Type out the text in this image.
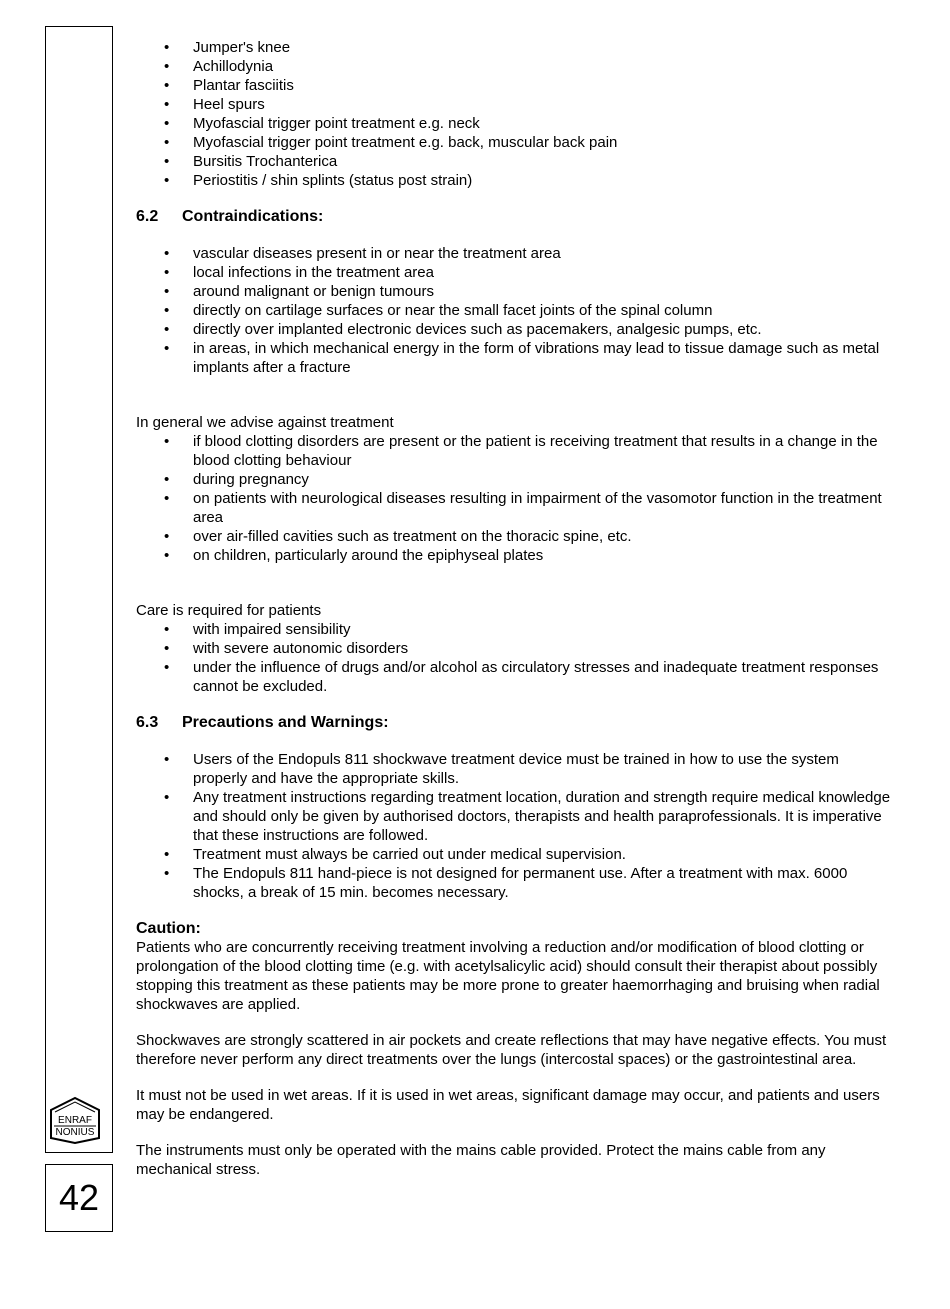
ENRAF
NONIUS
42
• Jumper's knee
• Achillodynia
• Plantar fasciitis
• Heel spurs
• Myofascial trigger point treatment e.g. neck
• Myofascial trigger point treatment e.g. back, muscular back pain
• Bursitis Trochanterica
• Periostitis / shin splints (status post strain)
6.2 Contraindications:
• vascular diseases present in or near the treatment area
• local infections in the treatment area
• around malignant or benign tumours
• directly on cartilage surfaces or near the small facet joints of the spinal column
• directly over implanted electronic devices such as pacemakers, analgesic pumps, etc.
• in areas, in which mechanical energy in the form of vibrations may lead to tissue damage such as metal implants after a fracture

In general we advise against treatment

• if blood clotting disorders are present or the patient is receiving treatment that results in a change in the blood clotting behaviour
• during pregnancy
• on patients with neurological diseases resulting in impairment of the vasomotor function in the treatment area
• over air-filled cavities such as treatment on the thoracic spine, etc.
• on children, particularly around the epiphyseal plates

Care is required for patients

• with impaired sensibility
• with severe autonomic disorders
• under the influence of drugs and/or alcohol as circulatory stresses and inadequate treatment responses cannot be excluded.
6.3 Precautions and Warnings:
• Users of the Endopuls 811 shockwave treatment device must be trained in how to use the system properly and have the appropriate skills.
• Any treatment instructions regarding treatment location, duration and strength require medical knowledge and should only be given by authorised doctors, therapists and health paraprofessionals. It is imperative that these instructions are followed.
• Treatment must always be carried out under medical supervision.
• The Endopuls 811 hand-piece is not designed for permanent use. After a treatment with max. 6000 shocks, a break of 15 min. becomes necessary.
Caution:

Patients who are concurrently receiving treatment involving a reduction and/or modification of blood clotting or prolongation of the blood clotting time (e.g. with acetylsalicylic acid) should consult their therapist about possibly stopping this treatment as these patients may be more prone to greater haemorrhaging and bruising when radial shockwaves are applied.

Shockwaves are strongly scattered in air pockets and create reflections that may have negative effects. You must therefore never perform any direct treatments over the lungs (intercostal spaces) or the gastrointestinal area.

It must not be used in wet areas. If it is used in wet areas, significant damage may occur, and patients and users may be endangered.

The instruments must only be operated with the mains cable provided. Protect the mains cable from any mechanical stress.
